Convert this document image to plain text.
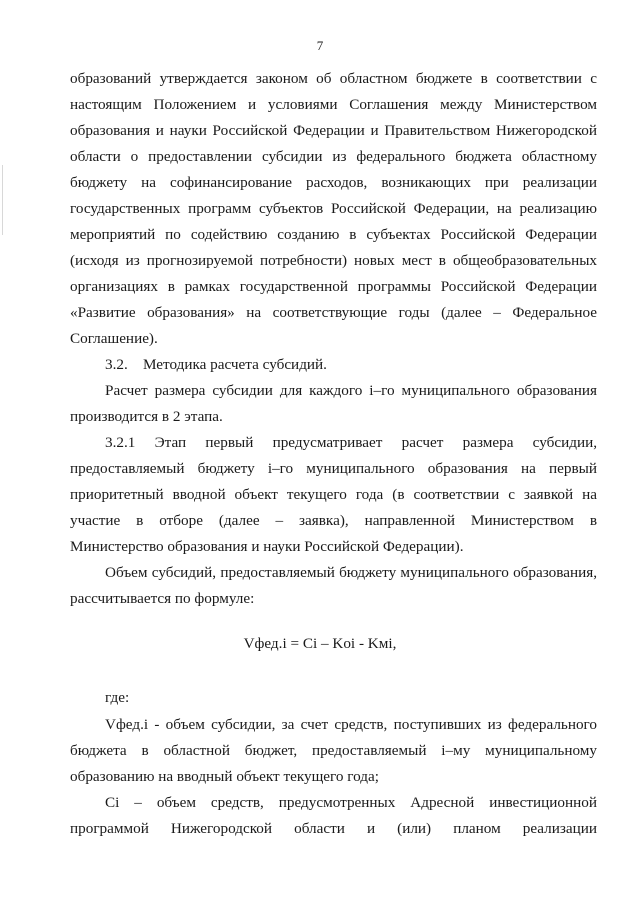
7
образований утверждается законом об областном бюджете в соответствии с
настоящим Положением и условиями Соглашения между Министерством
образования и науки Российской Федерации и Правительством Нижегородской
области о предоставлении субсидии из федерального бюджета областному
бюджету на софинансирование расходов, возникающих при реализации
государственных программ субъектов Российской Федерации, на реализацию
мероприятий по содействию созданию в субъектах Российской Федерации
(исходя из прогнозируемой потребности) новых мест в общеобразовательных
организациях в рамках государственной программы Российской Федерации
«Развитие образования» на соответствующие годы (далее – Федеральное
Соглашение).
3.2.    Методика расчета субсидий.
Расчет размера субсидии для каждого i–го муниципального образования
производится в 2 этапа.
3.2.1 Этап первый предусматривает расчет размера субсидии,
предоставляемый бюджету i–го муниципального образования на первый
приоритетный вводной объект текущего года (в соответствии с заявкой на
участие в отборе (далее – заявка), направленной Министерством в
Министерство образования и науки Российской Федерации).
Объем субсидий, предоставляемый бюджету муниципального образования,
рассчитывается по формуле:
Vфед.i = Ci – Koi - Kмi,
где:
Vфед.i - объем субсидии, за счет средств, поступивших из федерального
бюджета в областной бюджет, предоставляемый i–му муниципальному
образованию на вводный объект текущего года;
Ci – объем средств, предусмотренных Адресной инвестиционной
программой Нижегородской области и (или) планом реализации
